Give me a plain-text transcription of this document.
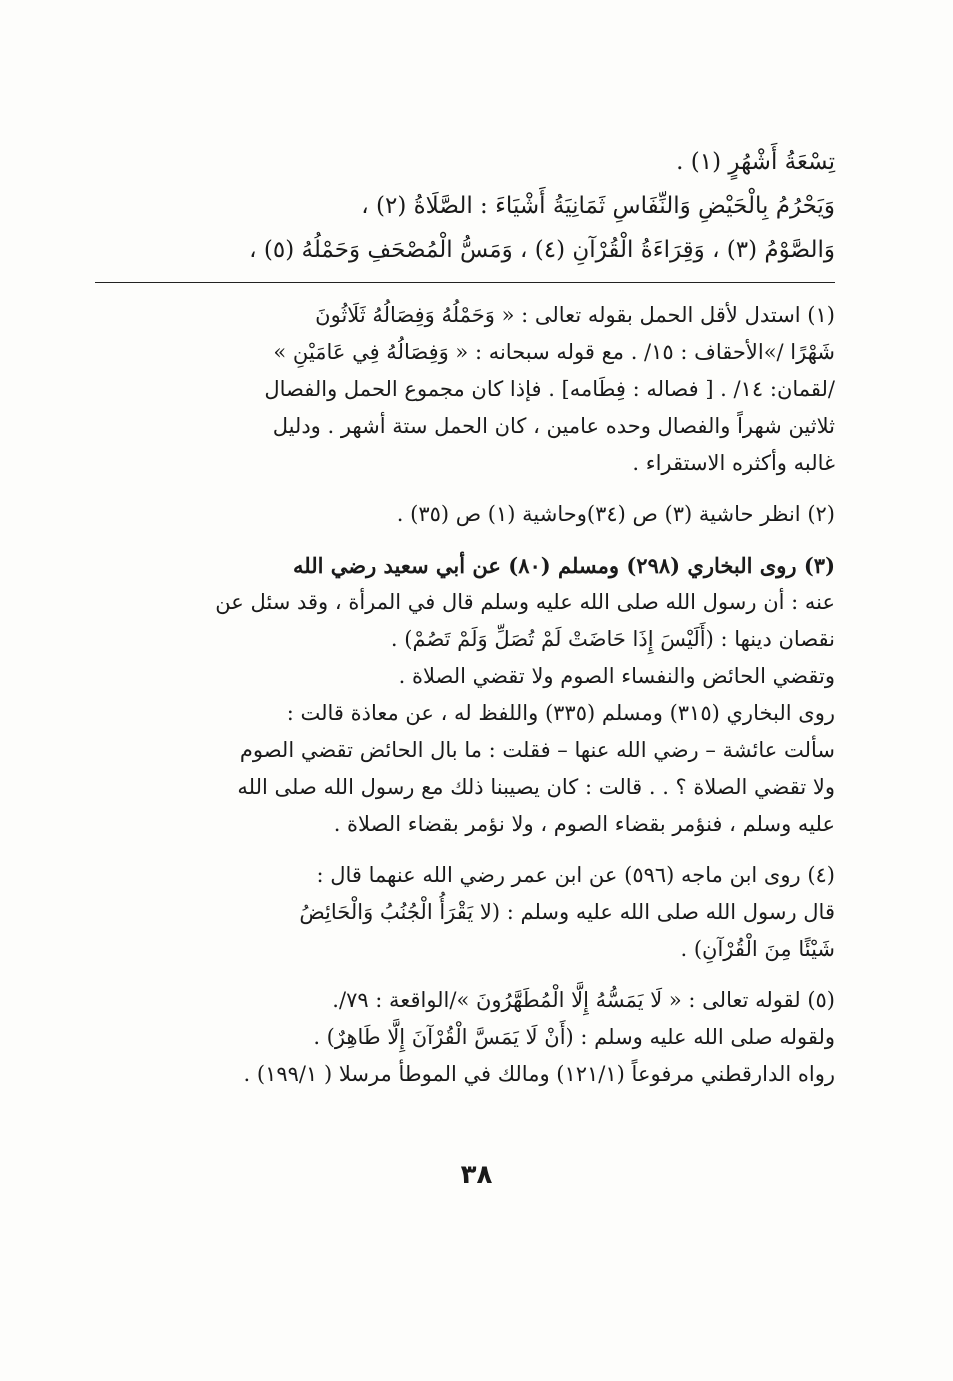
تِسْعَةُ أَشْهُرٍ (١) .
وَيَحْرُمُ بِالْحَيْضِ وَالنِّفَاسِ ثَمَانِيَةُ أَشْيَاءَ : الصَّلَاةُ (٢) ،
وَالصَّوْمُ (٣) ، وَقِرَاءَةُ الْقُرْآنِ (٤) ، وَمَسُّ الْمُصْحَفِ وَحَمْلُهُ (٥) ،
(١) استدل لأقل الحمل بقوله تعالى : « وَحَمْلُهُ وَفِصَالُهُ ثَلَاثُونَ
شَهْرًا /»الأحقاف : ١٥/ . مع قوله سبحانه : « وَفِصَالُهُ فِي عَامَيْنِ »
/لقمان: ١٤/ . [ فصاله : فِطَامه] . فإذا كان مجموع الحمل والفصال
ثلاثين شهراً والفصال وحده عامين ، كان الحمل ستة أشهر . ودليل
غالبه وأكثره الاستقراء .
(٢) انظر حاشية (٣) ص (٣٤)وحاشية (١) ص (٣٥) .
(٣) روى البخاري (٢٩٨) ومسلم (٨٠) عن أبي سعيد رضي الله
عنه : أن رسول الله صلى الله عليه وسلم قال في المرأة ، وقد سئل عن
نقصان دينها : (أَلَيْسَ إِذَا حَاضَتْ لَمْ تُصَلِّ وَلَمْ تَصُمْ) .
وتقضي الحائض والنفساء الصوم ولا تقضي الصلاة .
روى البخاري (٣١٥) ومسلم (٣٣٥) واللفظ له ، عن معاذة قالت :
سألت عائشة – رضي الله عنها – فقلت : ما بال الحائض تقضي الصوم
ولا تقضي الصلاة ؟ . . قالت : كان يصيبنا ذلك مع رسول الله صلى الله
عليه وسلم ، فنؤمر بقضاء الصوم ، ولا نؤمر بقضاء الصلاة .
(٤) روى ابن ماجه (٥٩٦) عن ابن عمر رضي الله عنهما قال :
قال رسول الله صلى الله عليه وسلم : (لا يَقْرَأُ الْجُنُبُ وَالْحَائِضُ
شَيْئًا مِنَ الْقُرْآنِ) .
(٥) لقوله تعالى : « لَا يَمَسُّهُ إِلَّا الْمُطَهَّرُونَ »/الواقعة : ٧٩/.
ولقوله صلى الله عليه وسلم : (أَنْ لَا يَمَسَّ الْقُرْآنَ إِلَّا طَاهِرٌ) .
رواه الدارقطني مرفوعاً (١٢١/١) ومالك في الموطأ مرسلا ( ١٩٩/١) .
٣٨
